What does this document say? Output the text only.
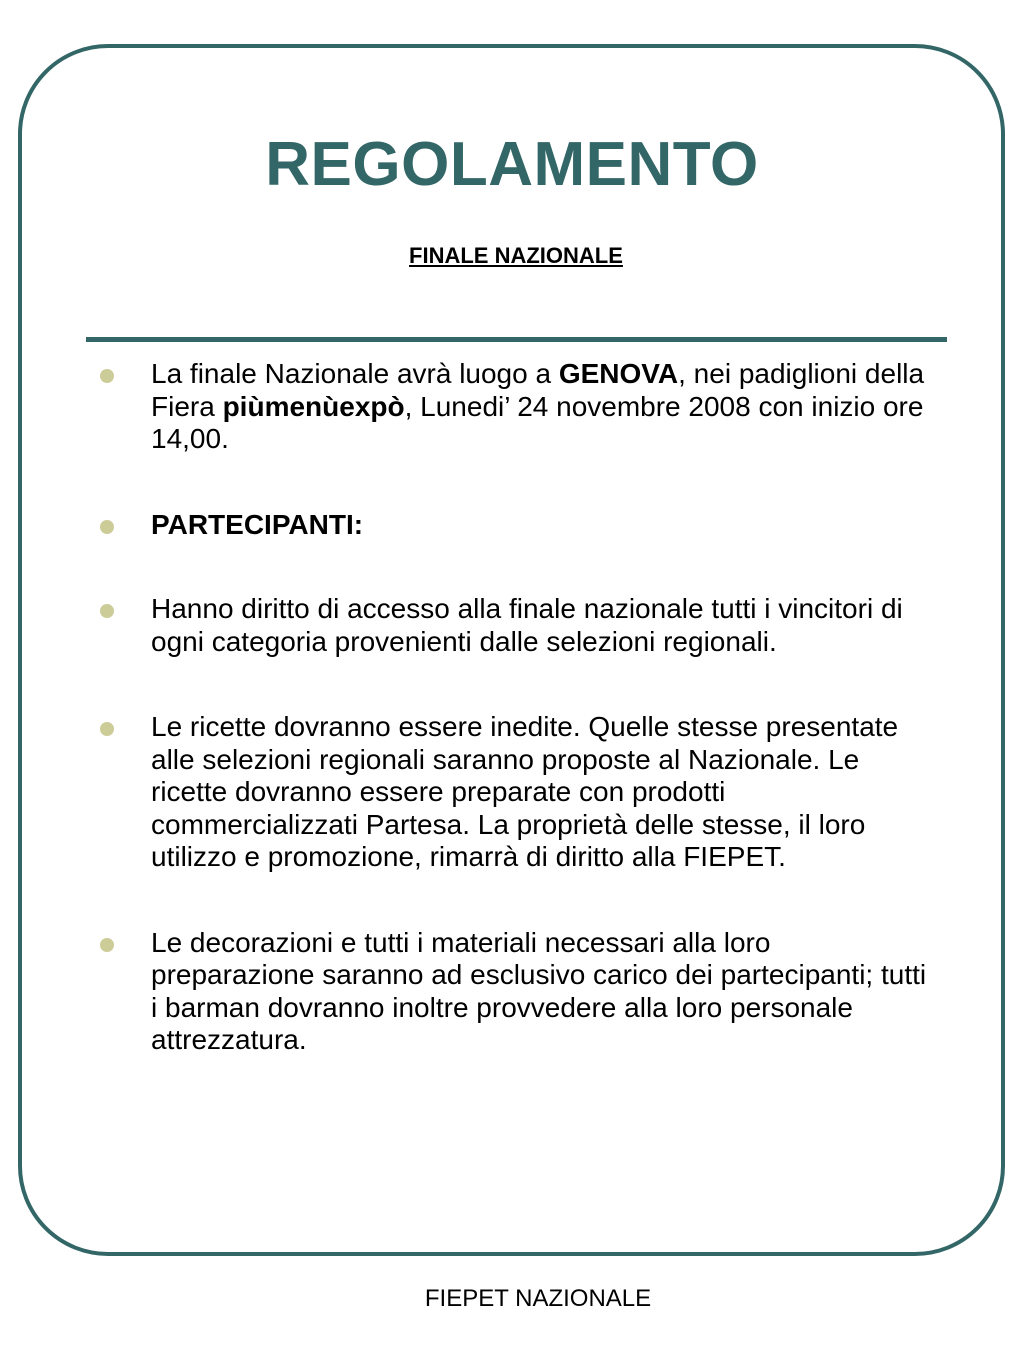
REGOLAMENTO
FINALE NAZIONALE
La finale Nazionale avrà luogo a GENOVA, nei padiglioni della Fiera piùmenùexpò, Lunedi’ 24 novembre 2008 con inizio ore 14,00.
PARTECIPANTI:
Hanno diritto di accesso alla finale nazionale tutti i vincitori di ogni categoria provenienti dalle selezioni regionali.
Le ricette dovranno essere inedite. Quelle stesse presentate alle selezioni regionali saranno proposte al Nazionale. Le ricette dovranno essere preparate con prodotti commercializzati Partesa. La proprietà delle stesse, il loro utilizzo e promozione, rimarrà di diritto alla FIEPET.
Le decorazioni e tutti i materiali necessari alla loro preparazione saranno ad esclusivo carico dei partecipanti; tutti i barman dovranno inoltre provvedere alla loro personale attrezzatura.
FIEPET NAZIONALE
